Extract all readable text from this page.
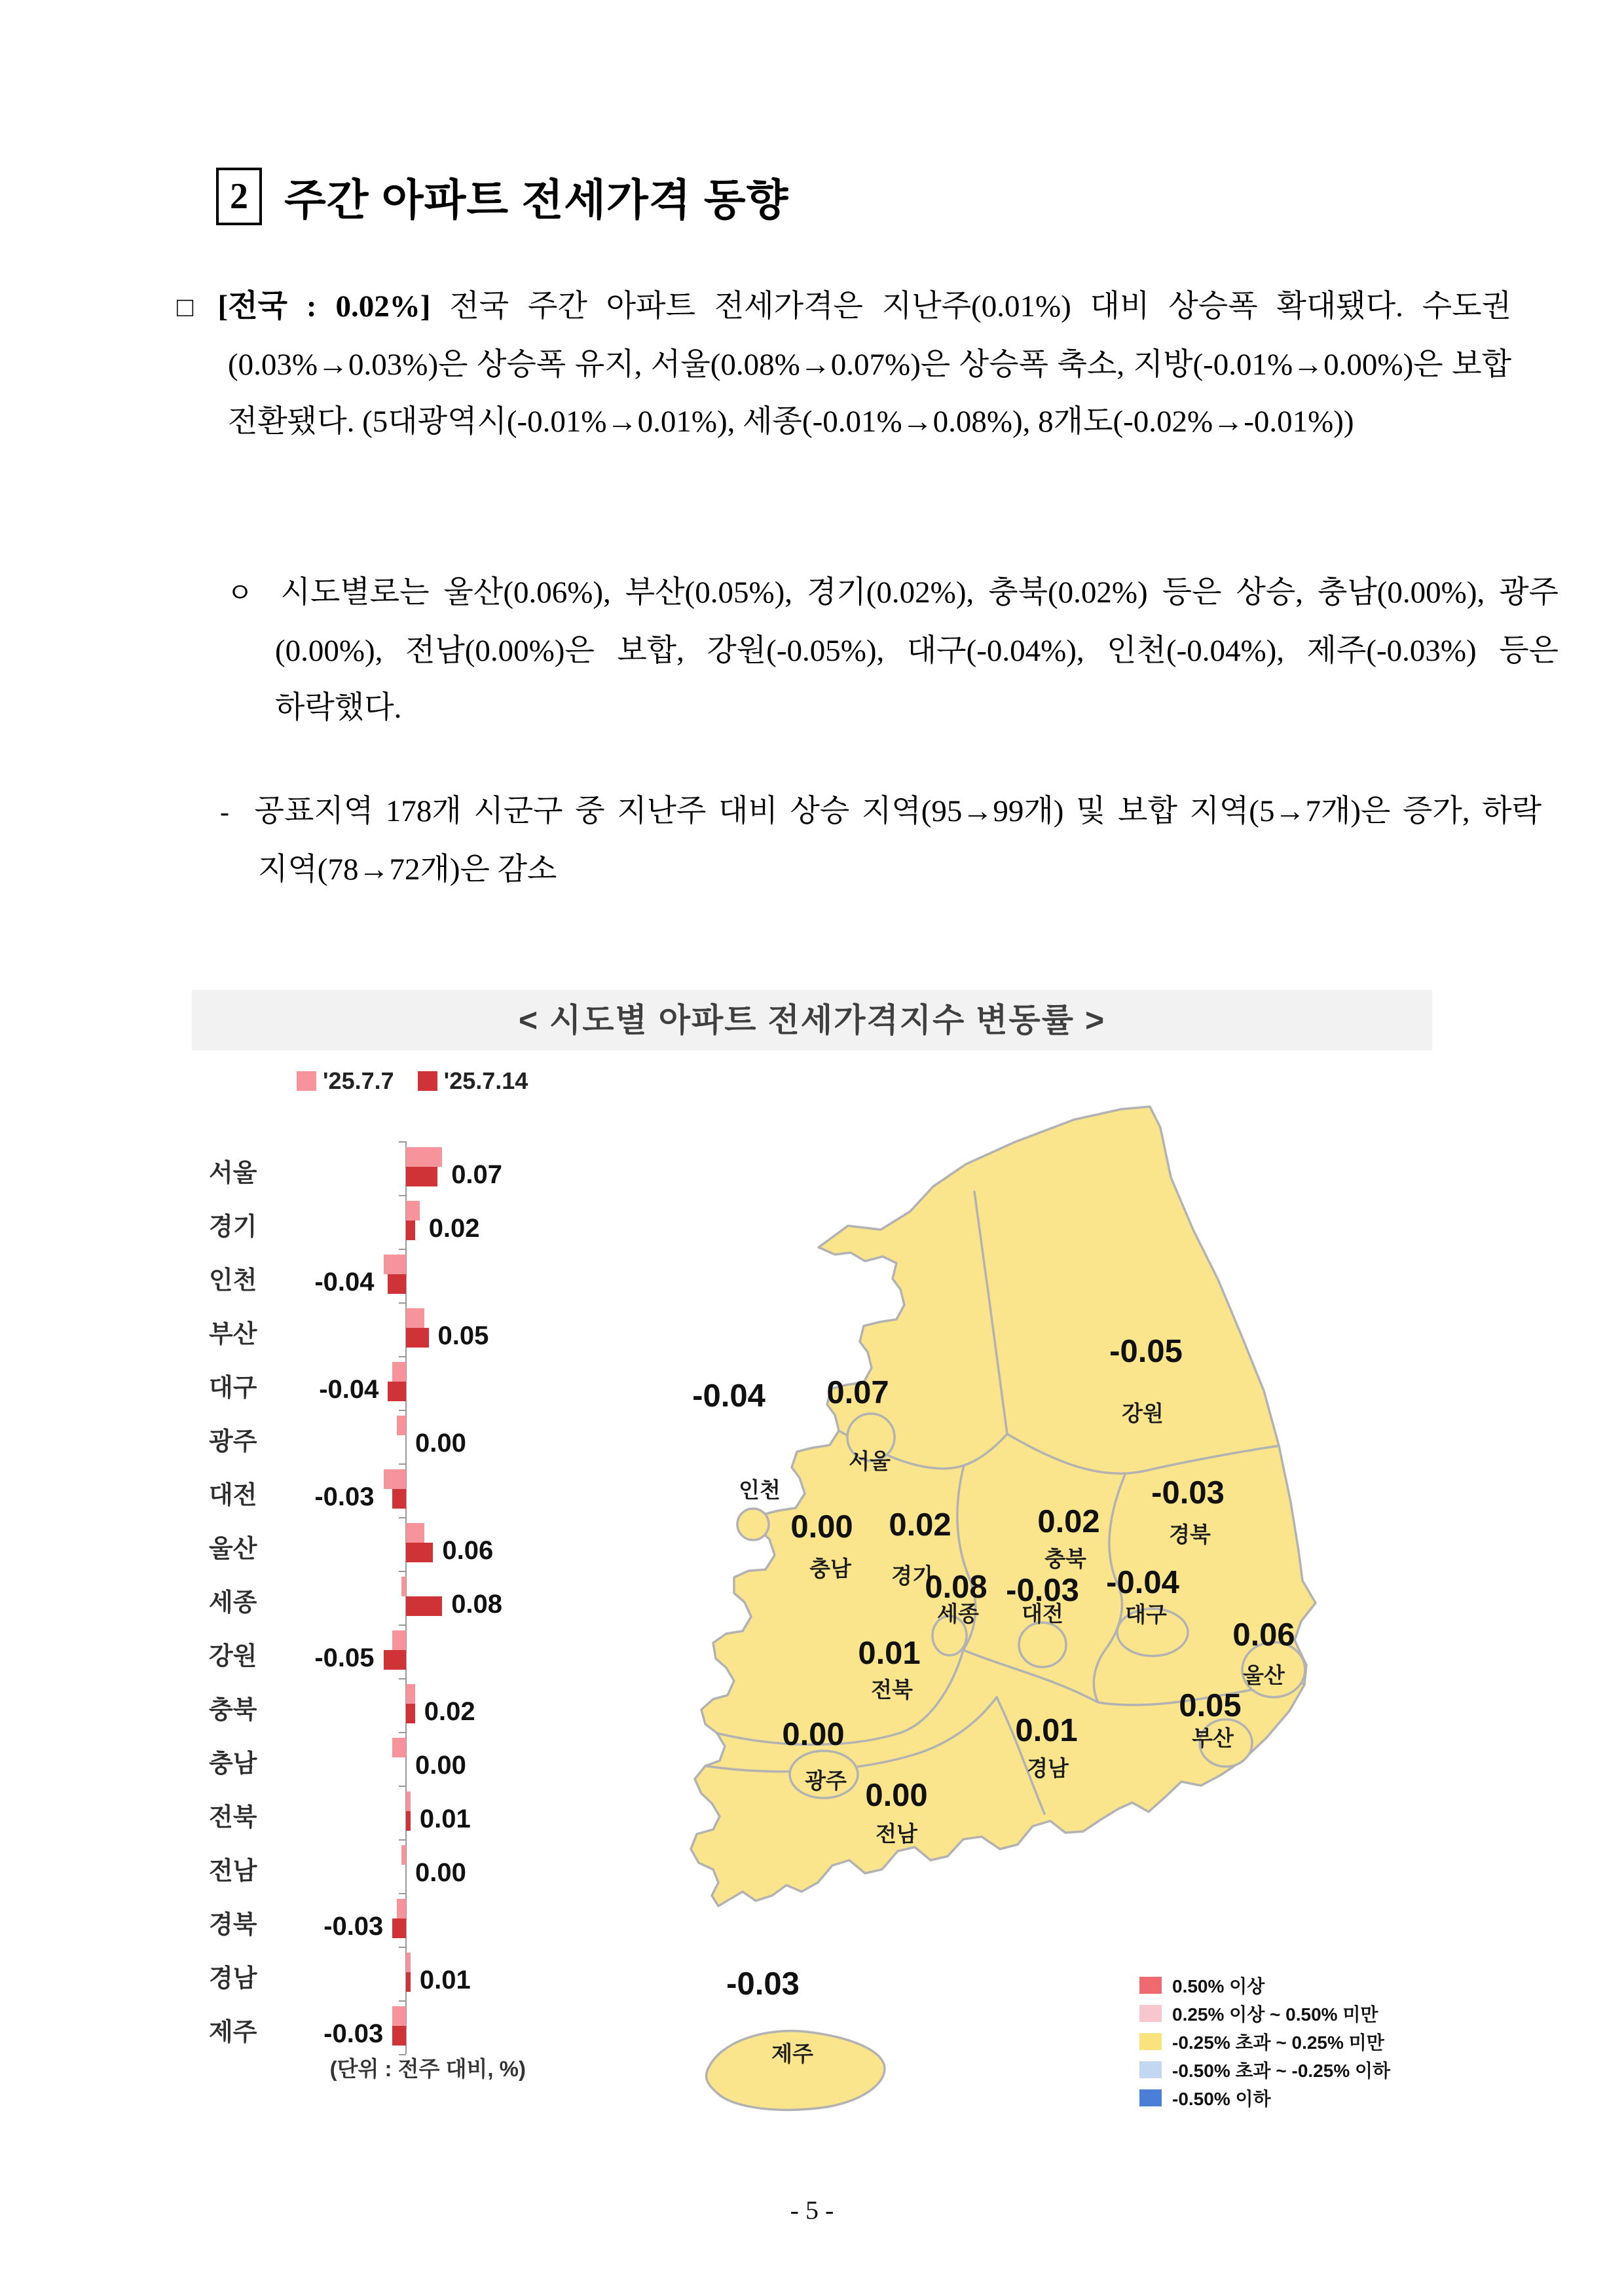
2 주간 아파트 전세가격 동향
□ [전국 : 0.02%] 전국 주간 아파트 전세가격은 지난주(0.01%) 대비 상승폭 확대됐다. 수도권(0.03%→0.03%)은 상승폭 유지, 서울(0.08%→0.07%)은 상승폭 축소, 지방(-0.01%→0.00%)은 보합 전환됐다. (5대광역시(-0.01%→0.01%), 세종(-0.01%→0.08%), 8개도(-0.02%→-0.01%))
ㅇ 시도별로는 울산(0.06%), 부산(0.05%), 경기(0.02%), 충북(0.02%) 등은 상승, 충남(0.00%), 광주(0.00%), 전남(0.00%)은 보합, 강원(-0.05%), 대구(-0.04%), 인천(-0.04%), 제주(-0.03%) 등은 하락했다.
- 공표지역 178개 시군구 중 지난주 대비 상승 지역(95→99개) 및 보합 지역(5→7개)은 증가, 하락 지역(78→72개)은 감소
< 시도별 아파트 전세가격지수 변동률 >
'25.7.7	'25.7.14
서울	0.07
경기	0.02
인천	-0.04
부산	0.05
대구	-0.04
광주	0.00
대전	-0.03
울산	0.06
세종	0.08
강원	-0.05
충북	0.02
충남	0.00
전북	0.01
전남	0.00
경북	-0.03
경남	0.01
제주	-0.03
(단위 : 전주 대비, %)
-0.04
인천
0.07
서울
-0.05
강원
0.02
경기
0.02
충북
-0.03
경북
0.08
세종
-0.03
대전
0.00
충남	-0.04
대구
0.06
울산
0.05
부산
0.01
경남
0.01
전북
0.00
광주 0.00
전남
-0.03
제주
0.50% 이상
0.25% 이상 ~ 0.50% 미만
-0.25% 초과 ~ 0.25% 미만
-0.50% 초과 ~ -0.25% 이하
-0.50% 이하
- 5 -
